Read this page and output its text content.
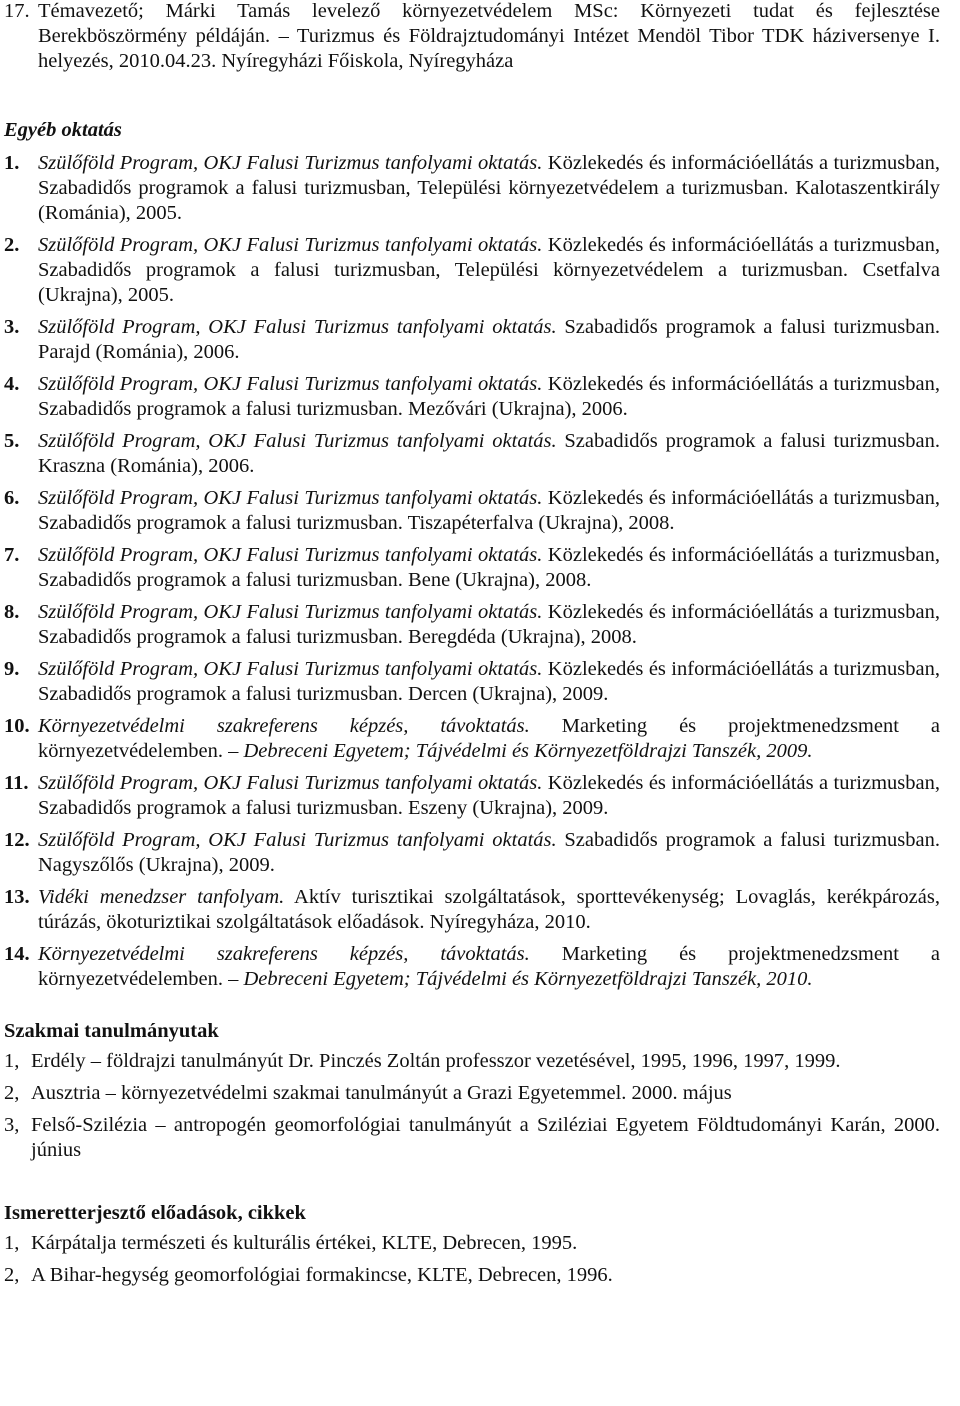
17. Témavezető; Márki Tamás levelező környezetvédelem MSc: Környezeti tudat és fejlesztése Berekböszörmény példáján. – Turizmus és Földrajztudományi Intézet Mendöl Tibor TDK háziversenye I. helyezés, 2010.04.23. Nyíregyházi Főiskola, Nyíregyháza
Egyéb oktatás
1. Szülőföld Program, OKJ Falusi Turizmus tanfolyami oktatás. Közlekedés és információellátás a turizmusban, Szabadidős programok a falusi turizmusban, Települési környezetvédelem a turizmusban. Kalotaszentkirály (Románia), 2005.
2. Szülőföld Program, OKJ Falusi Turizmus tanfolyami oktatás. Közlekedés és információellátás a turizmusban, Szabadidős programok a falusi turizmusban, Települési környezetvédelem a turizmusban. Csetfalva (Ukrajna), 2005.
3. Szülőföld Program, OKJ Falusi Turizmus tanfolyami oktatás. Szabadidős programok a falusi turizmusban. Parajd (Románia), 2006.
4. Szülőföld Program, OKJ Falusi Turizmus tanfolyami oktatás. Közlekedés és információellátás a turizmusban, Szabadidős programok a falusi turizmusban. Mezővári (Ukrajna), 2006.
5. Szülőföld Program, OKJ Falusi Turizmus tanfolyami oktatás. Szabadidős programok a falusi turizmusban. Kraszna (Románia), 2006.
6. Szülőföld Program, OKJ Falusi Turizmus tanfolyami oktatás. Közlekedés és információellátás a turizmusban, Szabadidős programok a falusi turizmusban. Tiszapéterfalva (Ukrajna), 2008.
7. Szülőföld Program, OKJ Falusi Turizmus tanfolyami oktatás. Közlekedés és információellátás a turizmusban, Szabadidős programok a falusi turizmusban. Bene (Ukrajna), 2008.
8. Szülőföld Program, OKJ Falusi Turizmus tanfolyami oktatás. Közlekedés és információellátás a turizmusban, Szabadidős programok a falusi turizmusban. Beregdéda (Ukrajna), 2008.
9. Szülőföld Program, OKJ Falusi Turizmus tanfolyami oktatás. Közlekedés és információellátás a turizmusban, Szabadidős programok a falusi turizmusban. Dercen (Ukrajna), 2009.
10. Környezetvédelmi szakreferens képzés, távoktatás. Marketing és projektmenedzsment a környezetvédelemben. – Debreceni Egyetem; Tájvédelmi és Környezetföldrajzi Tanszék, 2009.
11. Szülőföld Program, OKJ Falusi Turizmus tanfolyami oktatás. Közlekedés és információellátás a turizmusban, Szabadidős programok a falusi turizmusban. Eszeny (Ukrajna), 2009.
12. Szülőföld Program, OKJ Falusi Turizmus tanfolyami oktatás. Szabadidős programok a falusi turizmusban. Nagyszőlős (Ukrajna), 2009.
13. Vidéki menedzser tanfolyam. Aktív turisztikai szolgáltatások, sporttevékenység; Lovaglás, kerékpározás, túrázás, ökoturiztikai szolgáltatások előadások. Nyíregyháza, 2010.
14. Környezetvédelmi szakreferens képzés, távoktatás. Marketing és projektmenedzsment a környezetvédelemben. – Debreceni Egyetem; Tájvédelmi és Környezetföldrajzi Tanszék, 2010.
Szakmai tanulmányutak
1, Erdély – földrajzi tanulmányút Dr. Pinczés Zoltán professzor vezetésével, 1995, 1996, 1997, 1999.
2, Ausztria – környezetvédelmi szakmai tanulmányút a Grazi Egyetemmel. 2000. május
3, Felső-Szilézia – antropogén geomorfológiai tanulmányút a Sziléziai Egyetem Földtudományi Karán, 2000. június
Ismeretterjesztő előadások, cikkek
1, Kárpátalja természeti és kulturális értékei, KLTE, Debrecen, 1995.
2, A Bihar-hegység geomorfológiai formakincse, KLTE, Debrecen, 1996.
